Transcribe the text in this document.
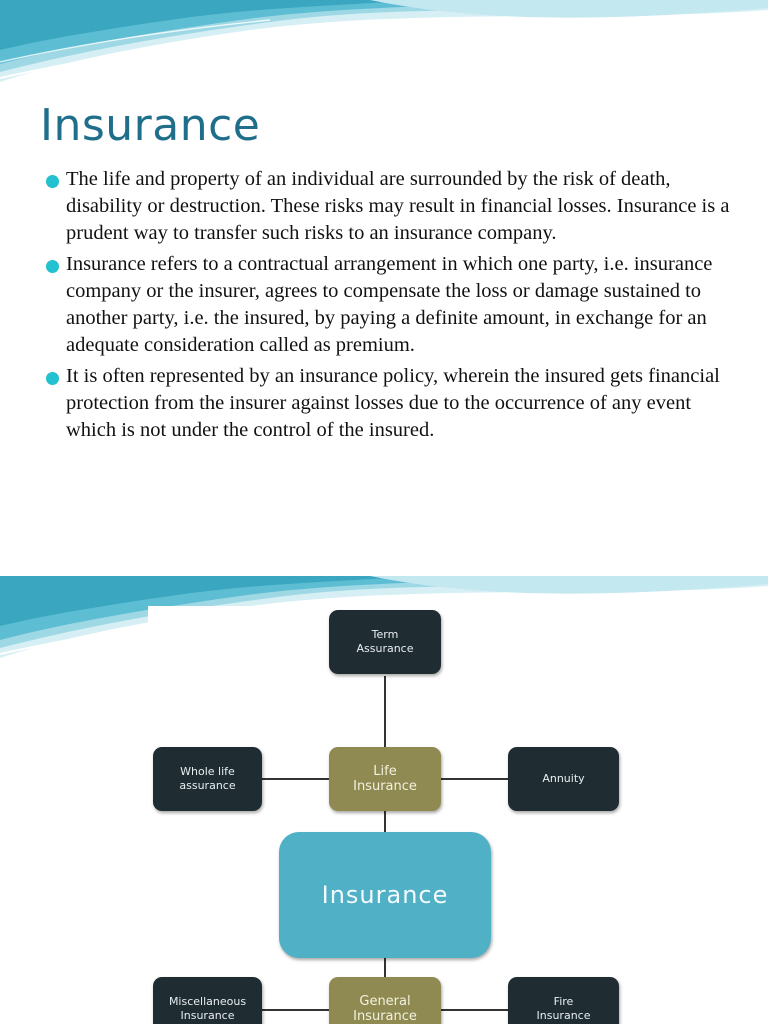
Insurance
The life and property of an individual are surrounded by the risk of death, disability or destruction. These risks may result in financial losses. Insurance is a prudent way to transfer such risks to an insurance company.
Insurance refers to a contractual arrangement in which one party, i.e. insurance company or the insurer, agrees to compensate the loss or damage sustained to another party, i.e. the insured, by paying a definite amount, in exchange for an adequate consideration called as premium.
It is often represented by an insurance policy, wherein the insured gets financial protection from the insurer against losses due to the occurrence of any event which is not under the control of the insured.
Term
Assurance
Whole life
assurance
Life
Insurance
Annuity
Insurance
Miscellaneous
Insurance
General
Insurance
Fire
Insurance
